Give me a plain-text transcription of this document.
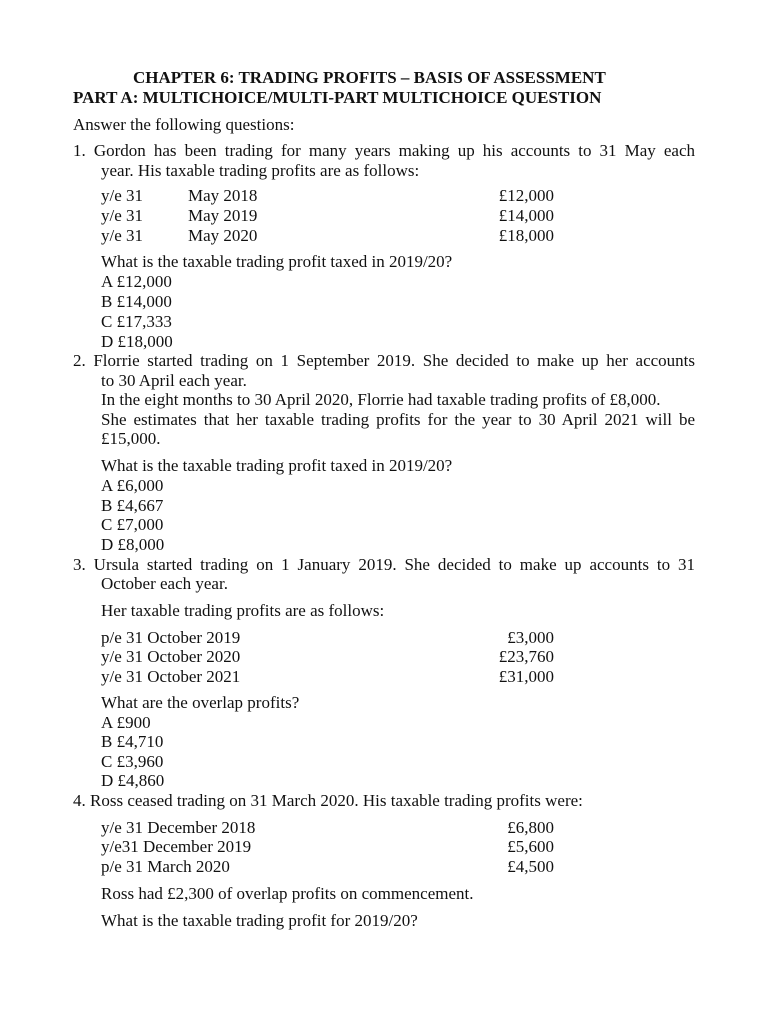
CHAPTER 6: TRADING PROFITS – BASIS OF ASSESSMENT
PART A: MULTICHOICE/MULTI-PART MULTICHOICE QUESTION
Answer the following questions:
1. Gordon has been trading for many years making up his accounts to 31 May each
year. His taxable trading profits are as follows:
y/e 31	May 2018	£12,000
y/e 31	May 2019	£14,000
y/e 31	May 2020	£18,000
What is the taxable trading profit taxed in 2019/20?
A £12,000
B £14,000
C £17,333
D £18,000
2. Florrie started trading on 1 September 2019. She decided to make up her accounts
to 30 April each year.
In the eight months to 30 April 2020, Florrie had taxable trading profits of £8,000.
She estimates that her taxable trading profits for the year to 30 April 2021 will be
£15,000.
What is the taxable trading profit taxed in 2019/20?
A £6,000
B £4,667
C £7,000
D £8,000
3. Ursula started trading on 1 January 2019. She decided to make up accounts to 31
October each year.
Her taxable trading profits are as follows:
p/e 31 October 2019	£3,000
y/e 31 October 2020	£23,760
y/e 31 October 2021	£31,000
What are the overlap profits?
A £900
B £4,710
C £3,960
D £4,860
4. Ross ceased trading on 31 March 2020. His taxable trading profits were:
y/e 31 December 2018	£6,800
y/e31 December 2019	£5,600
p/e 31 March 2020	£4,500
Ross had £2,300 of overlap profits on commencement.
What is the taxable trading profit for 2019/20?
